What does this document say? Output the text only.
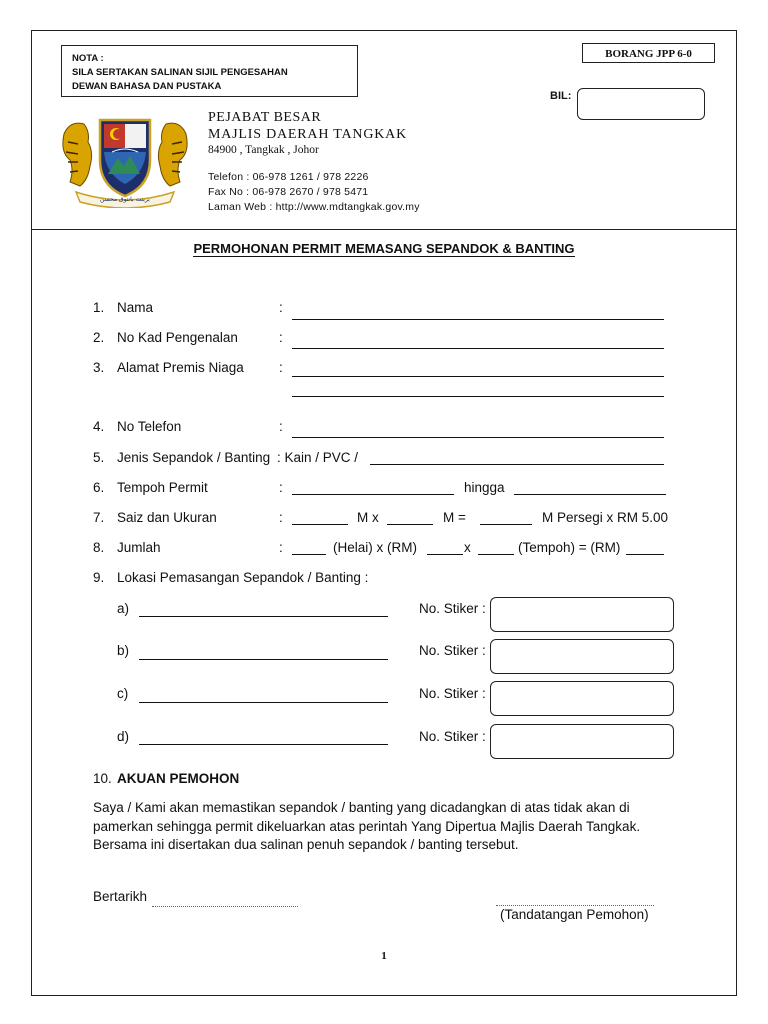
NOTA :
SILA SERTAKAN SALINAN SIJIL PENGESAHAN
DEWAN BAHASA DAN PUSTAKA
BORANG JPP 6-0
BIL:
بربنت بانتوق محسن
PEJABAT BESAR
MAJLIS DAERAH TANGKAK
84900 , Tangkak , Johor
Telefon : 06-978 1261 / 978 2226
Fax No : 06-978 2670 / 978 5471
Laman Web : http://www.mdtangkak.gov.my
PERMOHONAN PERMIT MEMASANG SEPANDOK & BANTING
1. Nama	:
2. No Kad Pengenalan	:
3. Alamat Premis Niaga	:
4. No Telefon	:
5. Jenis Sepandok / Banting : Kain / PVC /
6. Tempoh Permit	:	hingga
7. Saiz dan Ukuran	:	M x	M =	M Persegi x RM 5.00
8. Jumlah	:	(Helai) x (RM)	x	(Tempoh) = (RM)
9. Lokasi Pemasangan Sepandok / Banting :
a)	No. Stiker :
b)	No. Stiker :
c)	No. Stiker :
d)	No. Stiker :
10. AKUAN PEMOHON
Saya / Kami akan memastikan sepandok / banting yang dicadangkan di atas tidak akan di
pamerkan sehingga permit dikeluarkan atas perintah Yang Dipertua Majlis Daerah Tangkak.
Bersama ini disertakan dua salinan penuh sepandok / banting tersebut.
Bertarikh
(Tandatangan Pemohon)
1
